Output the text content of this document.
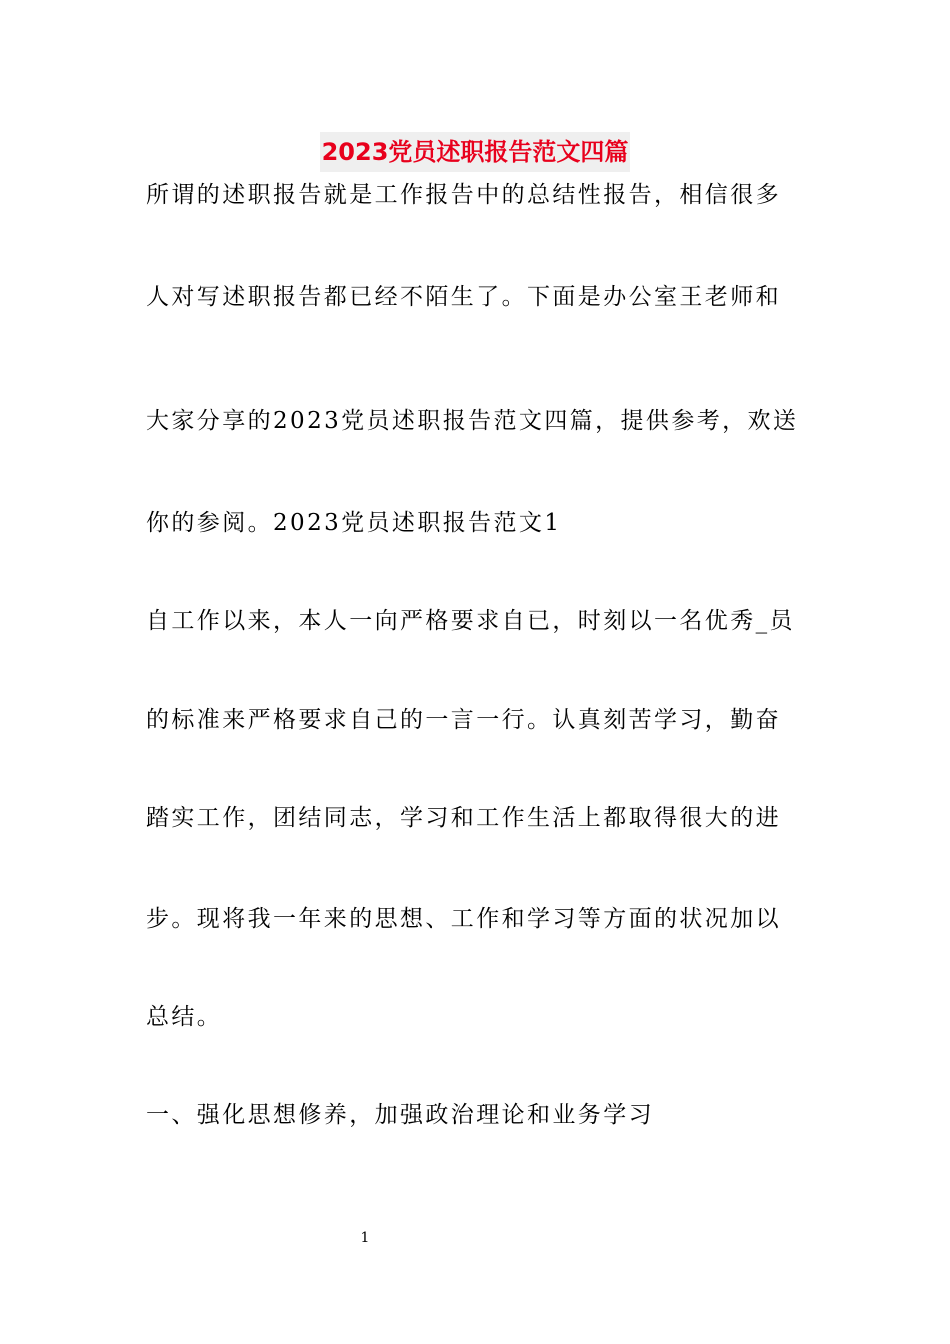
2023党员述职报告范文四篇
所谓的述职报告就是工作报告中的总结性报告，相信很多
人对写述职报告都已经不陌生了。下面是办公室王老师和
大家分享的2023党员述职报告范文四篇，提供参考，欢送
你的参阅。2023党员述职报告范文1
自工作以来，本人一向严格要求自已，时刻以一名优秀_员
的标准来严格要求自己的一言一行。认真刻苦学习，勤奋
踏实工作，团结同志，学习和工作生活上都取得很大的进
步。现将我一年来的思想、工作和学习等方面的状况加以
总结。
一、强化思想修养，加强政治理论和业务学习
1
